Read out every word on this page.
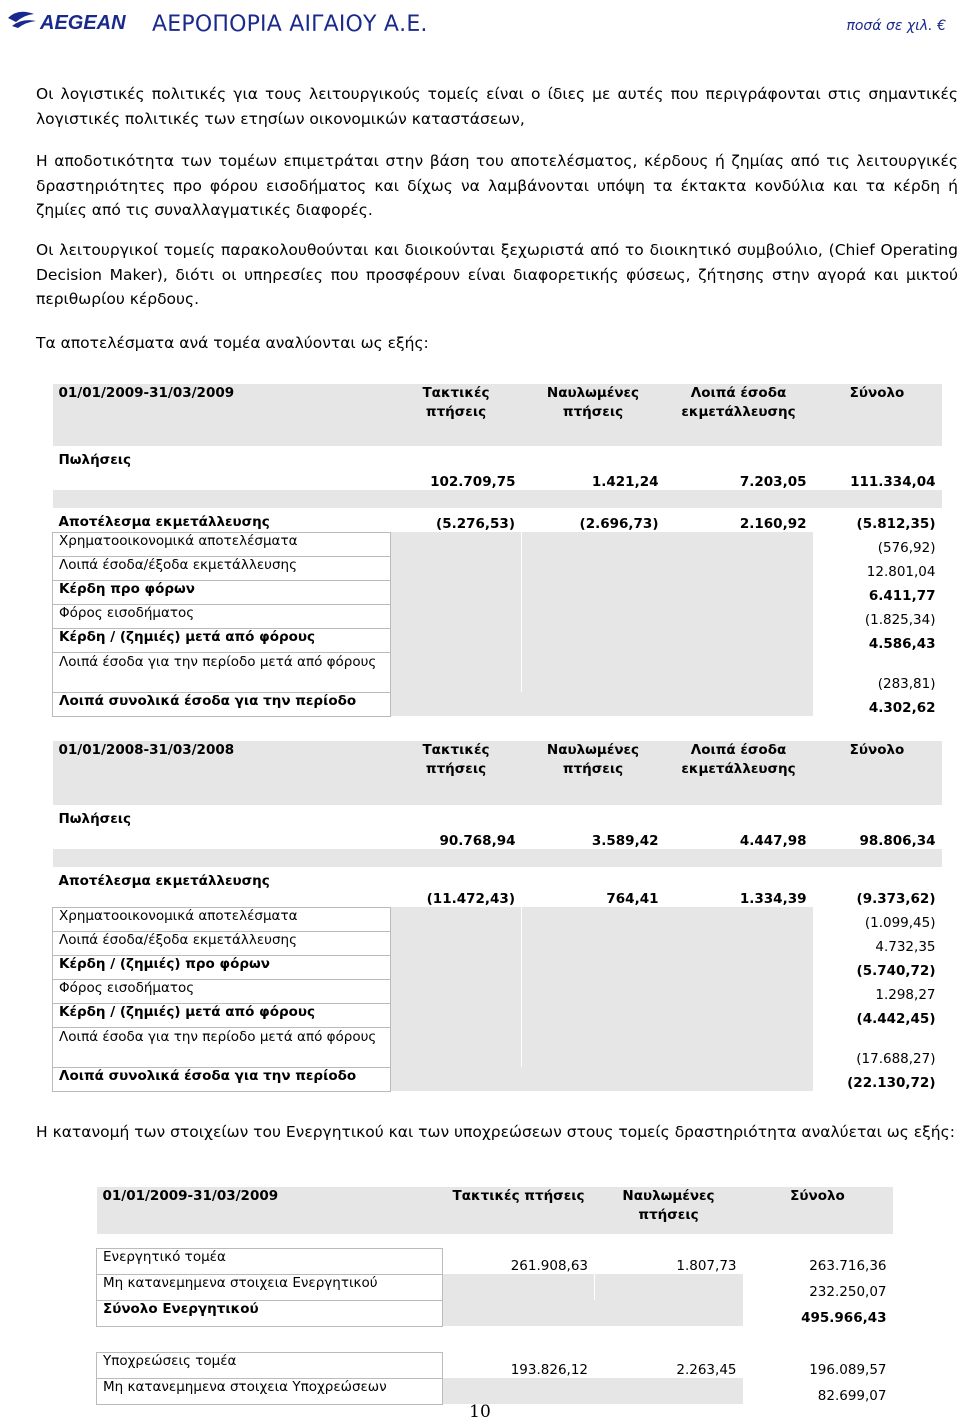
AEGEAN ΑΕΡΟΠΟΡΙΑ ΑΙΓΑΙΟΥ Α.Ε.	ποσά σε χιλ. €
Οι λογιστικές πολιτικές για τους λειτουργικούς τομείς είναι ο ίδιες με αυτές που περιγράφονται στις σημαντικές λογιστικές πολιτικές των ετησίων οικονομικών καταστάσεων,
Η αποδοτικότητα των τομέων επιμετράται στην βάση του αποτελέσματος, κέρδους ή ζημίας από τις λειτουργικές δραστηριότητες προ φόρου εισοδήματος και δίχως να λαμβάνονται υπόψη τα έκτακτα κονδύλια και τα κέρδη ή ζημίες από τις συναλλαγματικές διαφορές.
Οι λειτουργικοί τομείς παρακολουθούνται και διοικούνται ξεχωριστά από το διοικητικό συμβούλιο, (Chief Operating Decision Maker), διότι οι υπηρεσίες που προσφέρουν είναι διαφορετικής φύσεως, ζήτησης στην αγορά και μικτού περιθωρίου κέρδους.
Τα αποτελέσματα ανά τομέα αναλύονται ως εξής:
01/01/2009-31/03/2009	Τακτικές πτήσεις	Ναυλωμένες πτήσεις	Λοιπά έσοδα εκμετάλλευσης	Σύνολο
Πωλήσεις	102.709,75	1.421,24	7.203,05	111.334,04

Αποτέλεσμα εκμετάλλευσης	(5.276,53)	(2.696,73)	2.160,92	(5.812,35)
Χρηματοοικονομικά αποτελέσματα				(576,92)
Λοιπά έσοδα/έξοδα εκμετάλλευσης				12.801,04
Κέρδη προ φόρων				6.411,77
Φόρος εισοδήματος				(1.825,34)
Κέρδη / (ζημιές) μετά από φόρους				4.586,43
Λοιπά έσοδα για την περίοδο μετά από φόρους				(283,81)
Λοιπά συνολικά έσοδα για την περίοδο				4.302,62
01/01/2008-31/03/2008	Τακτικές πτήσεις	Ναυλωμένες πτήσεις	Λοιπά έσοδα εκμετάλλευσης	Σύνολο
Πωλήσεις	90.768,94	3.589,42	4.447,98	98.806,34

Αποτέλεσμα εκμετάλλευσης	(11.472,43)	764,41	1.334,39	(9.373,62)
Χρηματοοικονομικά αποτελέσματα				(1.099,45)
Λοιπά έσοδα/έξοδα εκμετάλλευσης				4.732,35
Κέρδη / (ζημιές) προ φόρων				(5.740,72)
Φόρος εισοδήματος				1.298,27
Κέρδη / (ζημιές) μετά από φόρους				(4.442,45)
Λοιπά έσοδα για την περίοδο μετά από φόρους				(17.688,27)
Λοιπά συνολικά έσοδα για την περίοδο				(22.130,72)
Η κατανομή των στοιχείων του Ενεργητικού και των υποχρεώσεων στους τομείς δραστηριότητα αναλύεται ως εξής:
01/01/2009-31/03/2009	Τακτικές πτήσεις	Ναυλωμένες πτήσεις	Σύνολο

Ενεργητικό τομέα	261.908,63	1.807,73	263.716,36
Μη κατανεμημενα στοιχεια Ενεργητικού			232.250,07
Σύνολο Ενεργητικού			495.966,43

Υποχρεώσεις τομέα	193.826,12	2.263,45	196.089,57
Μη κατανεμημενα στοιχεια Υποχρεώσεων			82.699,07
10
